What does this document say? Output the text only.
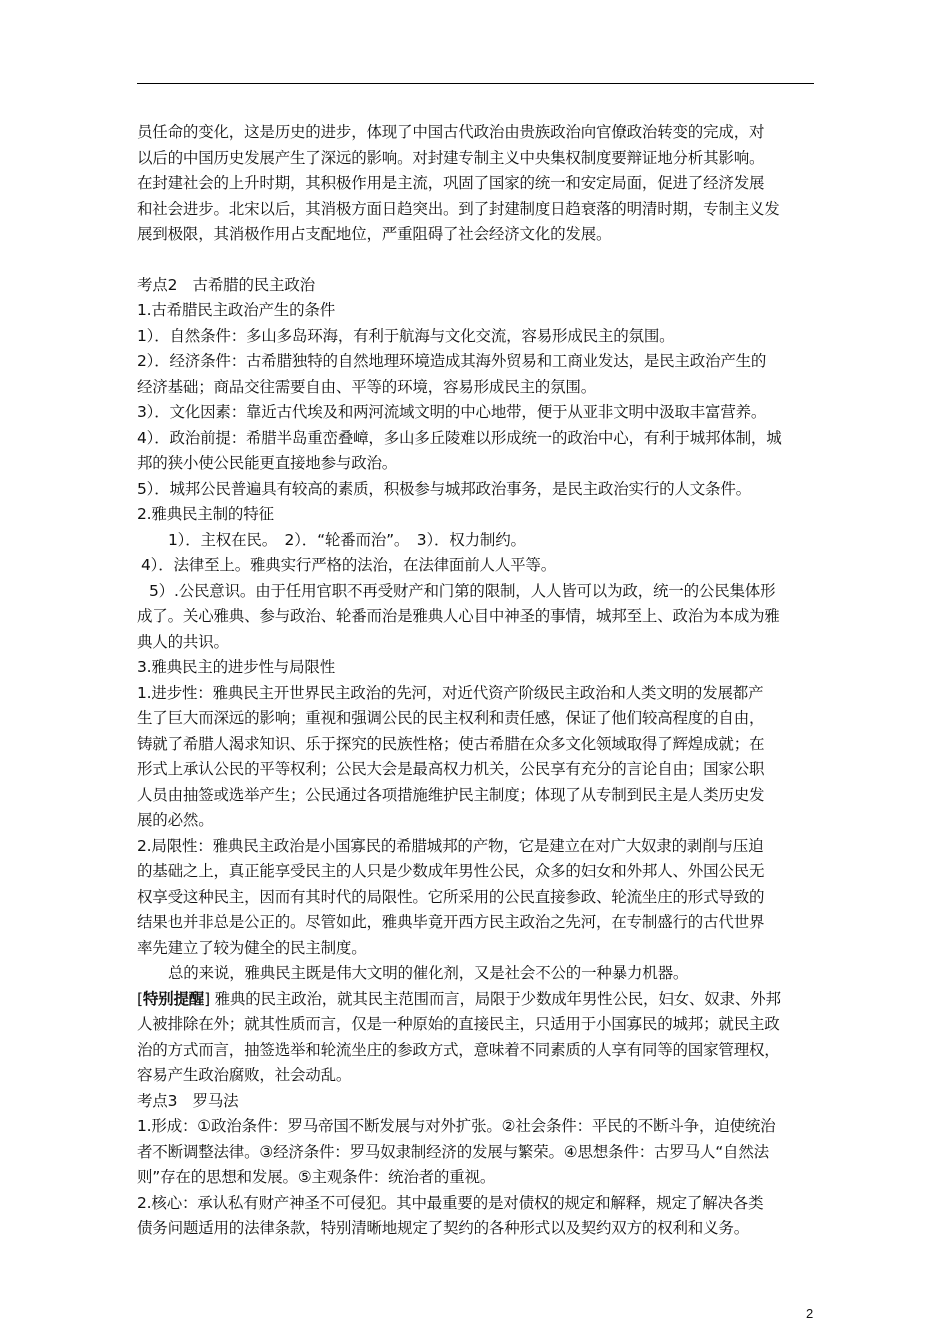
员任命的变化，这是历史的进步，体现了中国古代政治由贵族政治向官僚政治转变的完成，对

以后的中国历史发展产生了深远的影响。对封建专制主义中央集权制度要辩证地分析其影响。

在封建社会的上升时期，其积极作用是主流，巩固了国家的统一和安定局面，促进了经济发展

和社会进步。北宋以后，其消极方面日趋突出。到了封建制度日趋衰落的明清时期，专制主义发

展到极限，其消极作用占支配地位，严重阻碍了社会经济文化的发展。

考点2　古希腊的民主政治

1.古希腊民主政治产生的条件

1）．自然条件：多山多岛环海，有利于航海与文化交流，容易形成民主的氛围。

2）．经济条件：古希腊独特的自然地理环境造成其海外贸易和工商业发达，是民主政治产生的

经济基础；商品交往需要自由、平等的环境，容易形成民主的氛围。

3）．文化因素：靠近古代埃及和两河流域文明的中心地带，便于从亚非文明中汲取丰富营养。

4）．政治前提：希腊半岛重峦叠嶂，多山多丘陵难以形成统一的政治中心，有利于城邦体制，城

邦的狭小使公民能更直接地参与政治。

5）．城邦公民普遍具有较高的素质，积极参与城邦政治事务，是民主政治实行的人文条件。

2.雅典民主制的特征

1）．主权在民。　2）．“轮番而治”。　3）．权力制约。

4）．法律至上。雅典实行严格的法治，在法律面前人人平等。

5）.公民意识。由于任用官职不再受财产和门第的限制，人人皆可以为政，统一的公民集体形

成了。关心雅典、参与政治、轮番而治是雅典人心目中神圣的事情，城邦至上、政治为本成为雅

典人的共识。

3.雅典民主的进步性与局限性

1.进步性：雅典民主开世界民主政治的先河，对近代资产阶级民主政治和人类文明的发展都产

生了巨大而深远的影响；重视和强调公民的民主权利和责任感，保证了他们较高程度的自由，

铸就了希腊人渴求知识、乐于探究的民族性格；使古希腊在众多文化领域取得了辉煌成就；在

形式上承认公民的平等权利；公民大会是最高权力机关，公民享有充分的言论自由；国家公职

人员由抽签或选举产生；公民通过各项措施维护民主制度；体现了从专制到民主是人类历史发

展的必然。

2.局限性：雅典民主政治是小国寡民的希腊城邦的产物，它是建立在对广大奴隶的剥削与压迫

的基础之上，真正能享受民主的人只是少数成年男性公民，众多的妇女和外邦人、外国公民无

权享受这种民主，因而有其时代的局限性。它所采用的公民直接参政、轮流坐庄的形式导致的

结果也并非总是公正的。尽管如此，雅典毕竟开西方民主政治之先河，在专制盛行的古代世界

率先建立了较为健全的民主制度。

总的来说，雅典民主既是伟大文明的催化剂，又是社会不公的一种暴力机器。

[特别提醒] 雅典的民主政治，就其民主范围而言，局限于少数成年男性公民，妇女、奴隶、外邦

人被排除在外；就其性质而言，仅是一种原始的直接民主，只适用于小国寡民的城邦；就民主政

治的方式而言，抽签选举和轮流坐庄的参政方式，意味着不同素质的人享有同等的国家管理权，

容易产生政治腐败，社会动乱。

考点3　罗马法

1.形成：①政治条件：罗马帝国不断发展与对外扩张。②社会条件：平民的不断斗争，迫使统治

者不断调整法律。③经济条件：罗马奴隶制经济的发展与繁荣。④思想条件：古罗马人“自然法

则”存在的思想和发展。⑤主观条件：统治者的重视。

2.核心：承认私有财产神圣不可侵犯。其中最重要的是对债权的规定和解释，规定了解决各类

债务问题适用的法律条款，特别清晰地规定了契约的各种形式以及契约双方的权利和义务。

2
